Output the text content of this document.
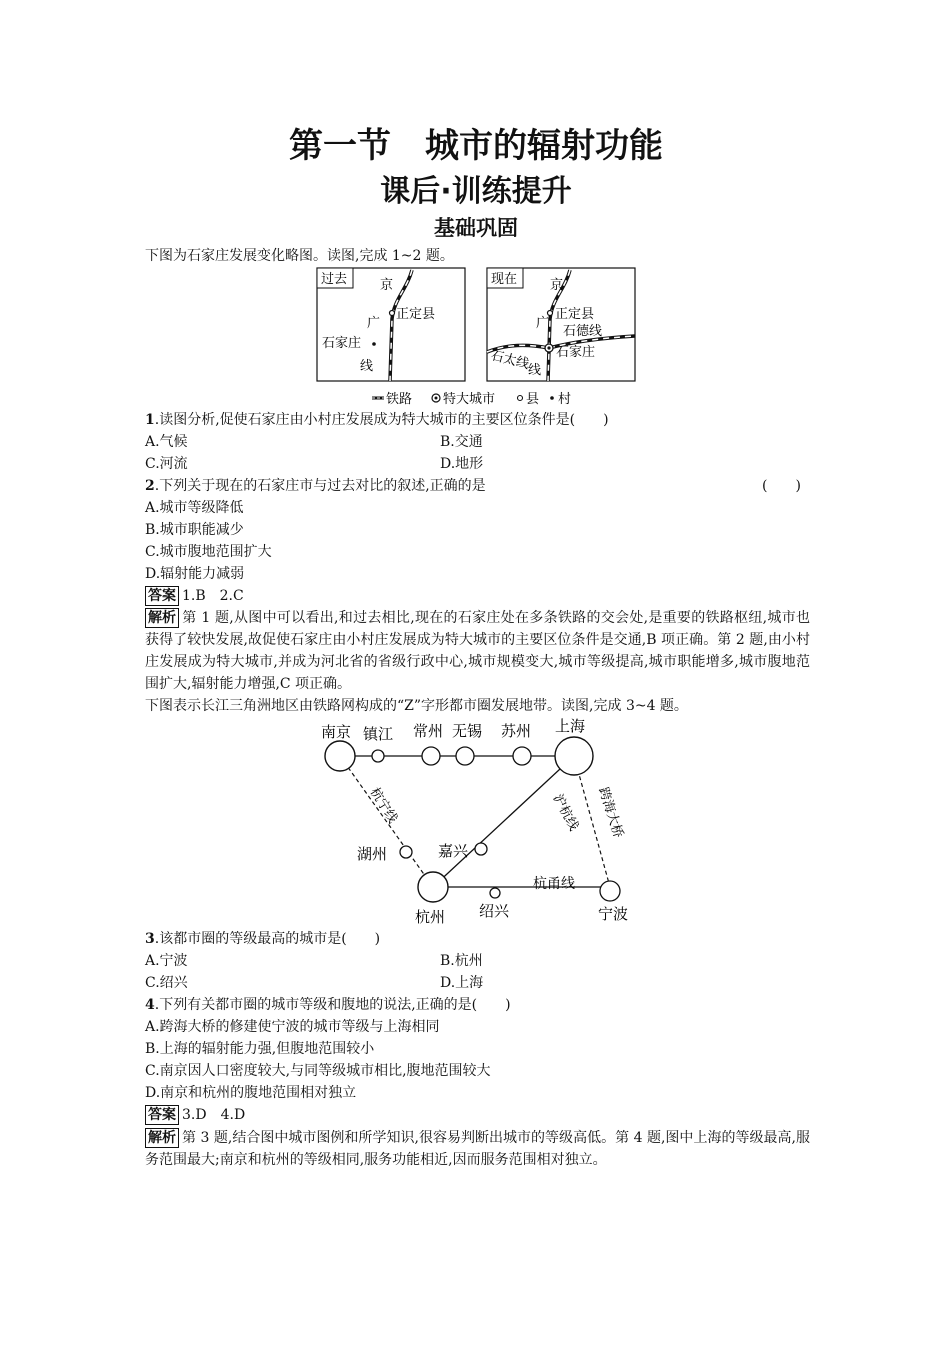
第一节　城市的辐射功能
课后·训练提升
基础巩固
下图为石家庄发展变化略图。读图,完成 1~2 题。
过去	京
广
正定县
石家庄
线
现在	京
广
正定县
石德线
石家庄
石太线
线
铁路 特大城市 县 村
1.读图分析,促使石家庄由小村庄发展成为特大城市的主要区位条件是(　　)
A.气候	B.交通
C.河流	D.地形
2.下列关于现在的石家庄市与过去对比的叙述,正确的是	(　　)
A.城市等级降低
B.城市职能减少
C.城市腹地范围扩大
D.辐射能力减弱
答案 1.B　2.C
解析 第 1 题,从图中可以看出,和过去相比,现在的石家庄处在多条铁路的交会处,是重要的铁路枢纽,城市也获得了较快发展,故促使石家庄由小村庄发展成为特大城市的主要区位条件是交通,B 项正确。第 2 题,由小村庄发展成为特大城市,并成为河北省的省级行政中心,城市规模变大,城市等级提高,城市职能增多,城市腹地范围扩大,辐射能力增强,C 项正确。
下图表示长江三角洲地区由铁路网构成的“Z”字形都市圈发展地带。读图,完成 3~4 题。
南京 镇江 常州 无锡 苏州 上海
杭宁线	沪杭线 跨海大桥
湖州	嘉兴
杭甬线
杭州 绍兴	宁波
3.该都市圈的等级最高的城市是(　　)
A.宁波	B.杭州
C.绍兴	D.上海
4.下列有关都市圈的城市等级和腹地的说法,正确的是(　　)
A.跨海大桥的修建使宁波的城市等级与上海相同
B.上海的辐射能力强,但腹地范围较小
C.南京因人口密度较大,与同等级城市相比,腹地范围较大
D.南京和杭州的腹地范围相对独立
答案 3.D　4.D
解析 第 3 题,结合图中城市图例和所学知识,很容易判断出城市的等级高低。第 4 题,图中上海的等级最高,服务范围最大;南京和杭州的等级相同,服务功能相近,因而服务范围相对独立。
